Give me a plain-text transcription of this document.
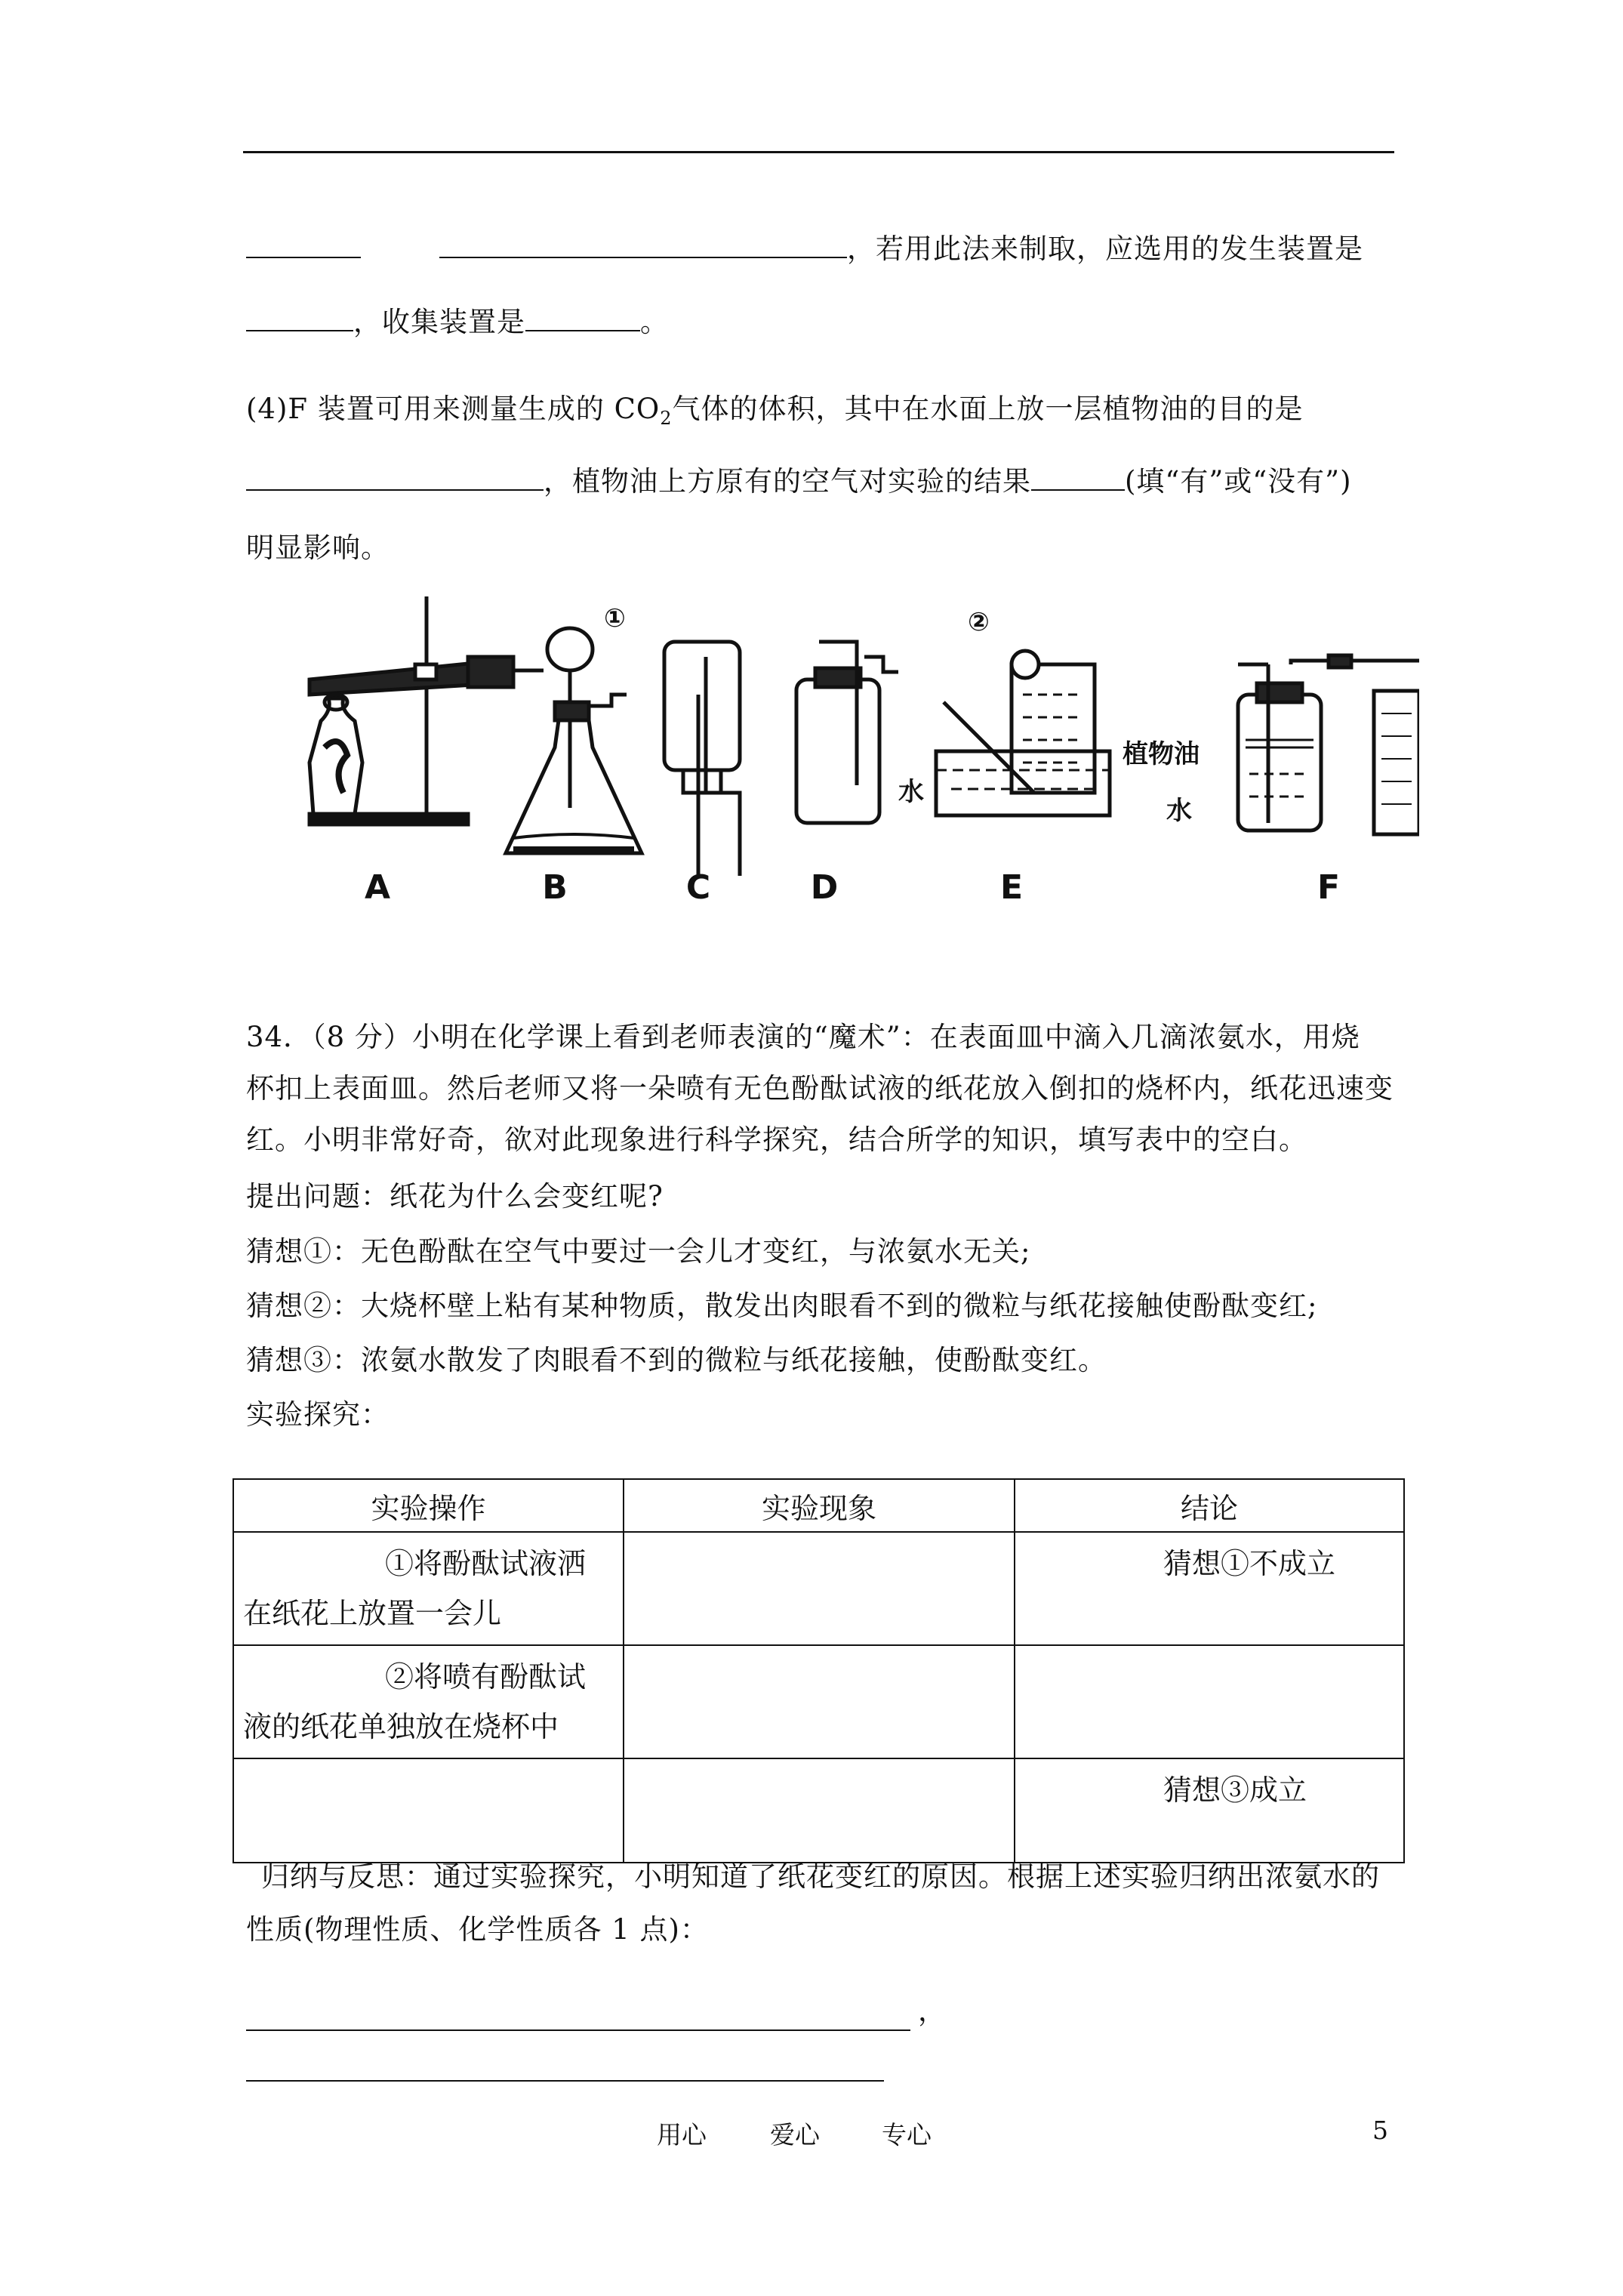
，若用此法来制取，应选用的发生装置是
，收集装置是	。
(4)F 装置可用来测量生成的 $CO_2$气体的体积，其中在水面上放一层植物油的目的是
，植物油上方原有的空气对实验的结果	(填“有”或“没有”)
明显影响。
①	②
水
植物油
水
A	B	C	D	E	F
34．（8 分）小明在化学课上看到老师表演的“魔术”：在表面皿中滴入几滴浓氨水，用烧
杯扣上表面皿。然后老师又将一朵喷有无色酚酞试液的纸花放入倒扣的烧杯内，纸花迅速变
红。小明非常好奇，欲对此现象进行科学探究，结合所学的知识，填写表中的空白。
提出问题：纸花为什么会变红呢?
猜想①：无色酚酞在空气中要过一会儿才变红，与浓氨水无关;
猜想②：大烧杯壁上粘有某种物质，散发出肉眼看不到的微粒与纸花接触使酚酞变红;
猜想③：浓氨水散发了肉眼看不到的微粒与纸花接触，使酚酞变红。
实验探究：
实验操作	实验现象	结论

①将酚酞试液洒
在纸花上放置一会儿		猜想①不成立

②将喷有酚酞试
液的纸花单独放在烧杯中		

		猜想③成立
归纳与反思：通过实验探究，小明知道了纸花变红的原因。根据上述实验归纳出浓氨水的
性质(物理性质、化学性质各 1 点)：
，
用心	爱心 专心	5
